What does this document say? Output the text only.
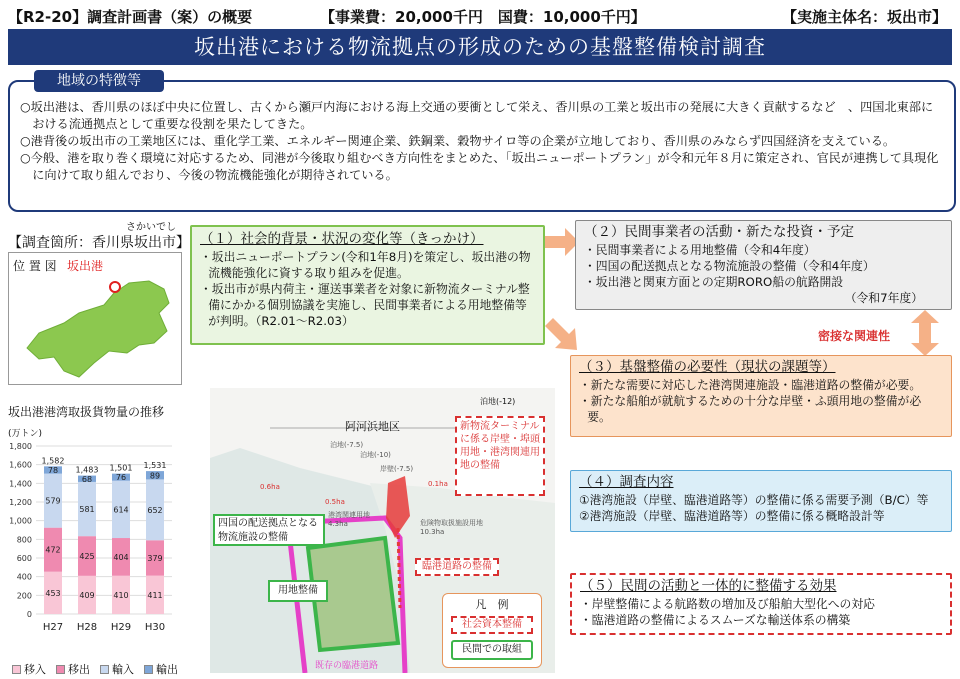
【R2-20】調査計画書（案）の概要	【事業費：20,000千円　国費：10,000千円】	【実施主体名：坂出市】
坂出港における物流拠点の形成のための基盤整備検討調査

○坂出港は、香川県のほぼ中央に位置し、古くから瀬戸内海における海上交通の要衝として栄え、香川県の工業と坂出市の発展に大きく貢献するなど　、四国北東部における流通拠点として重要な役割を果たしてきた。

○港背後の坂出市の工業地区には、重化学工業、エネルギー関連企業、鉄鋼業、穀物サイロ等の企業が立地しており、香川県のみならず四国経済を支えている。

○今般、港を取り巻く環境に対応するため、同港が今後取り組むべき方向性をまとめた、「坂出ニューポートプラン」が令和元年８月に策定され、官民が連携して具現化に向けて取り組んでおり、今後の物流機能強化が期待されている。

地域の特徴等
さかいでし
【調査箇所：香川県坂出市】
位 置 図 坂出港
坂出港港湾取扱貨物量の推移
(万トン)
0
200
400
600
800
1,000
1,200
1,400
1,600
1,800
453
472
579
78
1,582
H27
409
425
581
68
1,483
H28
410
404
614
76
1,501
H29
411
379
652
89
1,531
H30
移入	移出	輸入	輸出
（１）社会的背景・状況の変化等（きっかけ）
・坂出ニューポートプラン(令和1年8月)を策定し、坂出港の物流機能強化に資する取り組みを促進。
・坂出市が県内荷主・運送事業者を対象に新物流ターミナル整備にかかる個別協議を実施し、民間事業者による用地整備等が判明。（R2.01～R2.03）
密接な関連性
（２）民間事業者の活動・新たな投資・予定
・民間事業者による用地整備（令和4年度）
・四国の配送拠点となる物流施設の整備（令和4年度）
・坂出港と関東方面との定期RORO船の航路開設
（令和7年度）
（３）基盤整備の必要性（現状の課題等）
・新たな需要に対応した港湾関連施設・臨港道路の整備が必要。
・新たな船舶が就航するための十分な岸壁・ふ頭用地の整備が必要。
（４）調査内容
①港湾施設（岸壁、臨港道路等）の整備に係る需要予測（B/C）等
②港湾施設（岸壁、臨港道路等）の整備に係る概略設計等
（５）民間の活動と一体的に整備する効果
・岸壁整備による航路数の増加及び船舶大型化への対応
・臨港道路の整備によるスムーズな輸送体系の構築
阿河浜地区
泊地(-12)
泊地(-7.5)
泊地(-10)
岸壁(-7.5)
0.6ha
0.5ha
0.1ha
港湾関連用地 4.3ha	危険物取扱施設用地 10.3ha
新物流ターミナルに係る岸壁・埠頭用地・港湾関連用地の整備
四国の配送拠点となる物流施設の整備
臨港道路の整備
用地整備
既存の臨港道路
凡　例
社会資本整備
民間での取組
